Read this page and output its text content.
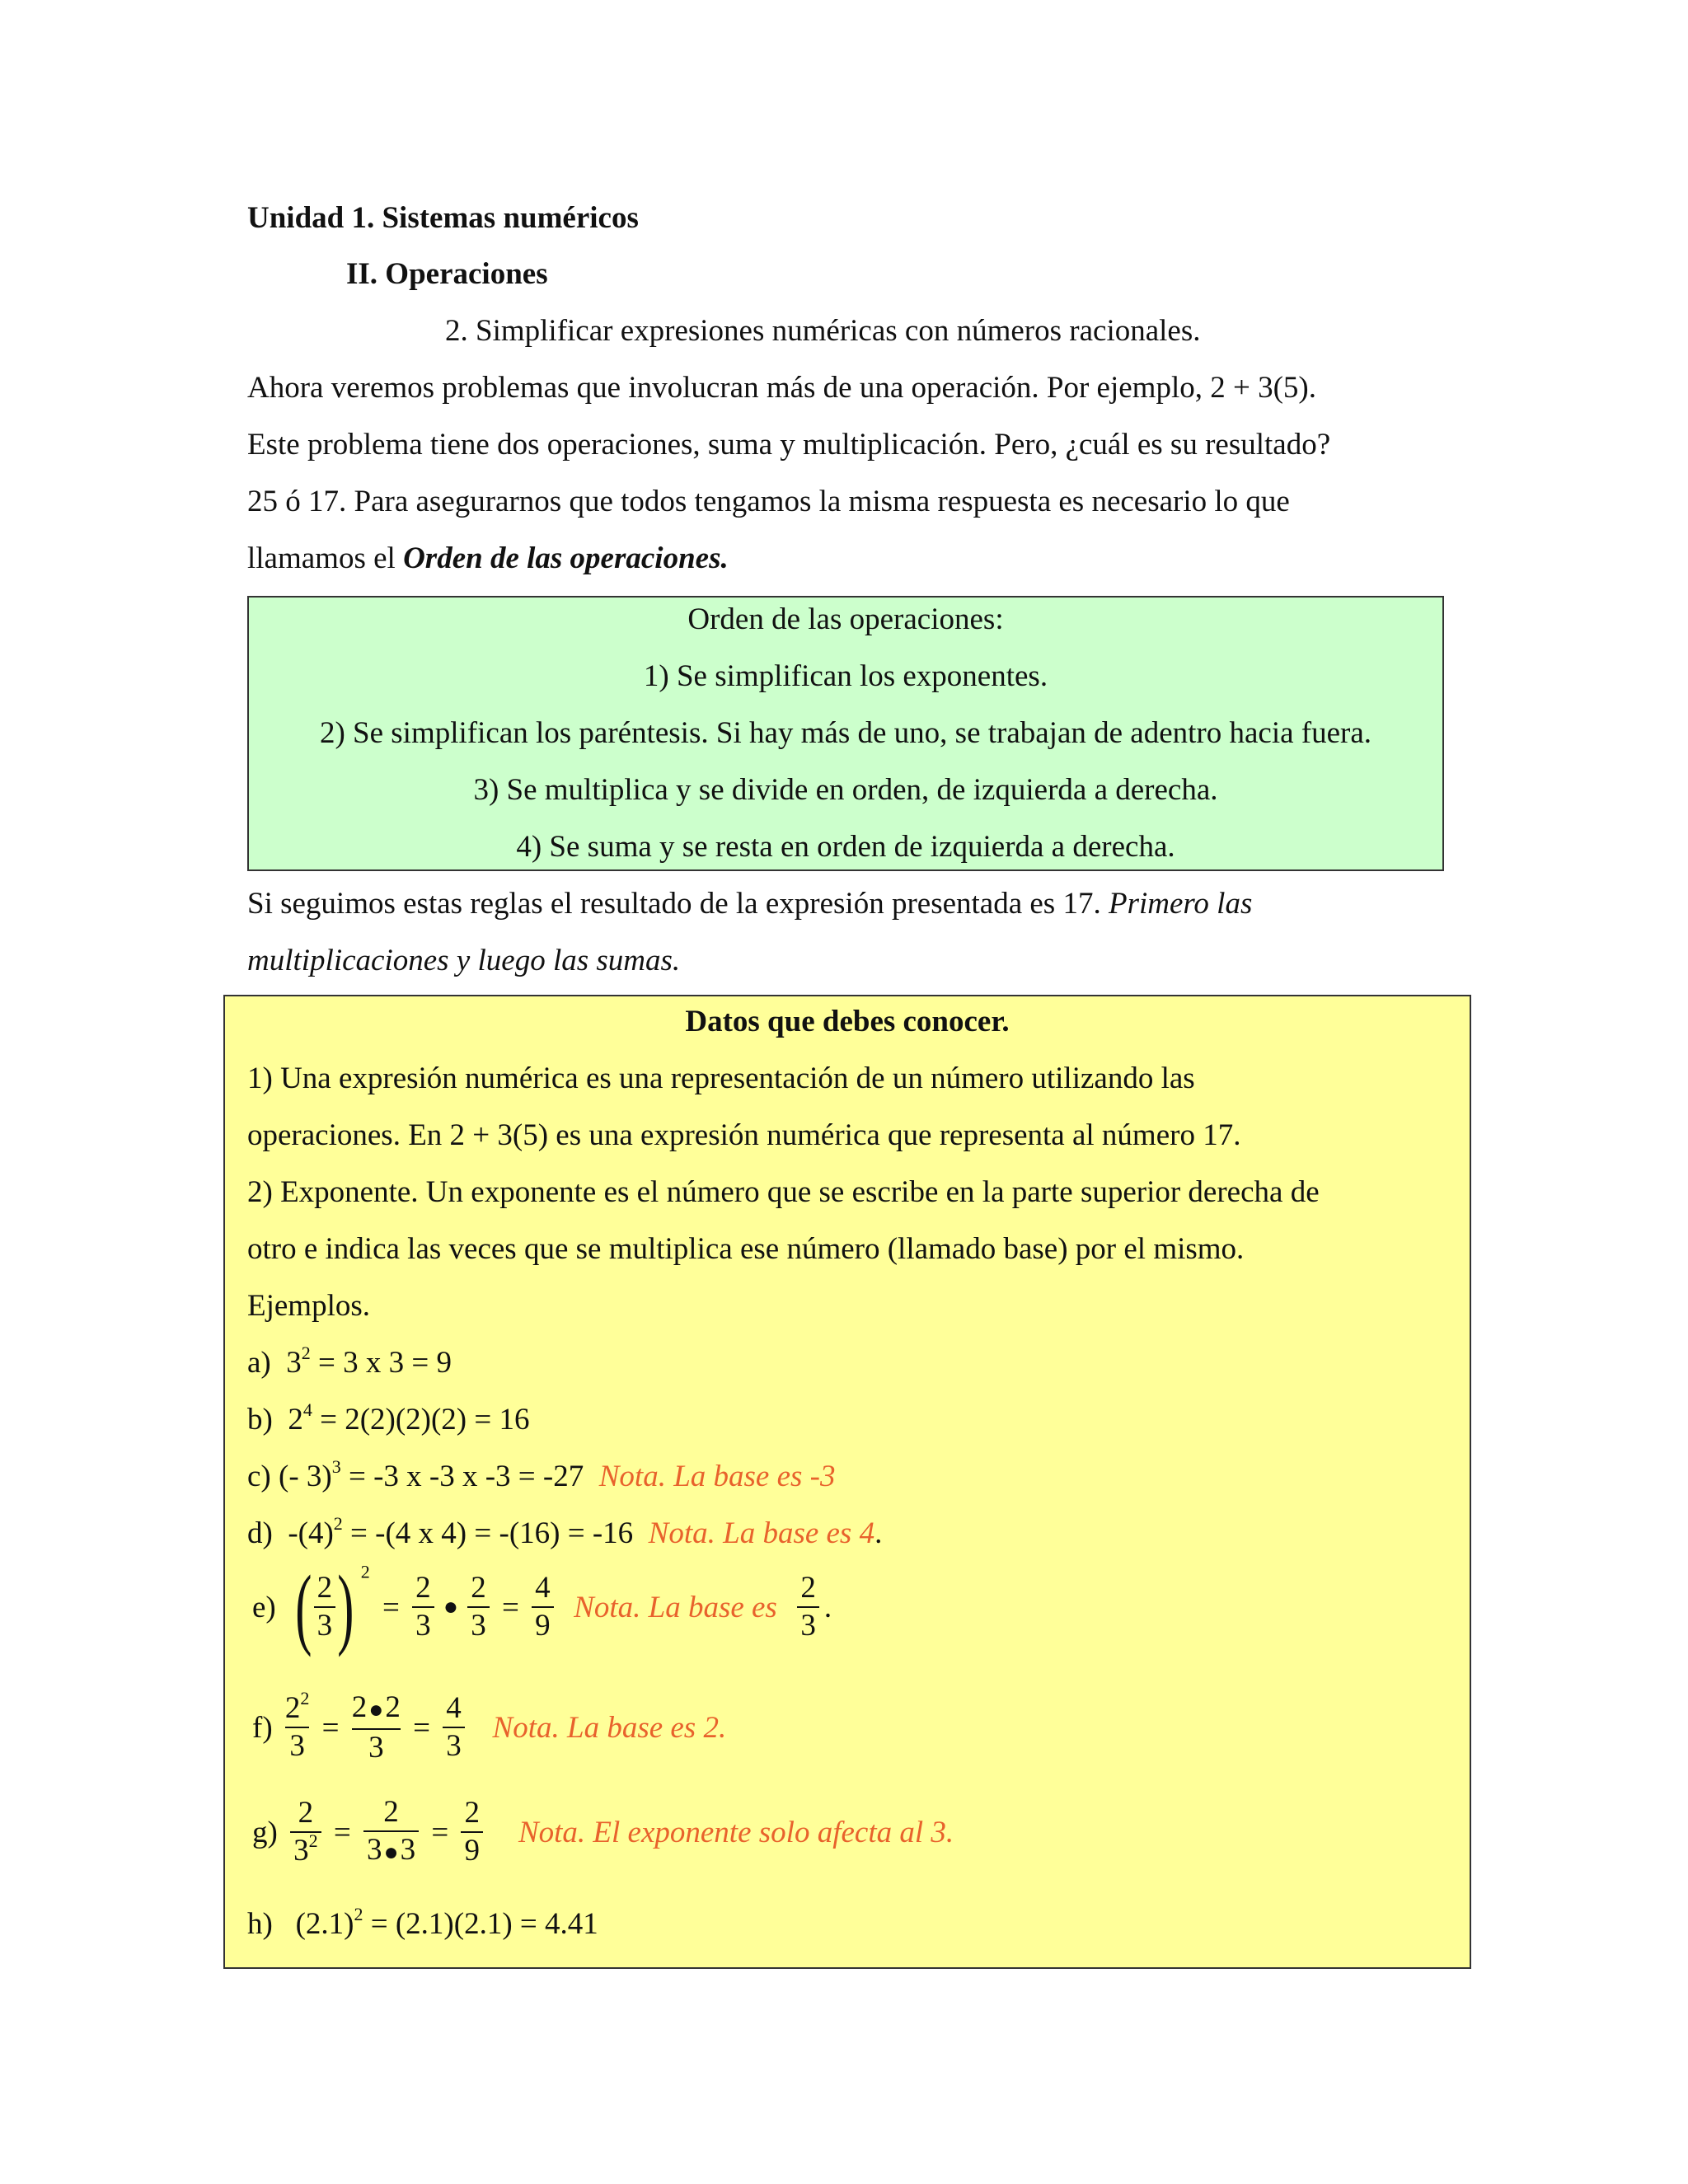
Unidad 1. Sistemas numéricos
II. Operaciones
2. Simplificar expresiones numéricas con números racionales.
Ahora veremos problemas que involucran más de una operación. Por ejemplo, 2 + 3(5).
Este problema tiene dos operaciones, suma y multiplicación. Pero, ¿cuál es su resultado?
25 ó 17. Para asegurarnos que todos tengamos la misma respuesta es necesario lo que
llamamos el Orden de las operaciones.
Orden de las operaciones:
1) Se simplifican los exponentes.
2) Se simplifican los paréntesis. Si hay más de uno, se trabajan de adentro hacia fuera.
3) Se multiplica y se divide en orden, de izquierda a derecha.
4) Se suma y se resta en orden de izquierda a derecha.
Si seguimos estas reglas el resultado de la expresión presentada es 17. Primero las
multiplicaciones y luego las sumas.
Datos que debes conocer.
1) Una expresión numérica es una representación de un número utilizando las
operaciones. En 2 + 3(5) es una expresión numérica que representa al número 17.
2) Exponente. Un exponente es el número que se escribe en la parte superior derecha de
otro e indica las veces que se multiplica ese número (llamado base) por el mismo.
Ejemplos.
a) $3^2 = 3$ x 3 = 9
b) $2^4 = 2(2)(2)(2) = 16$
c) (- 3)$^3$ = -3 x -3 x -3 = -27 Nota. La base es -3
d) $-(4)^2 = -(4$ x 4) = -(16) = -16 Nota. La base es 4.
e) ( $\frac{2}{3}$ ) $^2 = \frac{2}{3}$ ● $\frac{2}{3} = \frac{4}{9}$ Nota. La base es $\frac{2}{3}$ .
$f) \frac{2^2}{3} = \frac{2●2}{3} = \frac{4}{3}$ Nota. La base es 2.
$g) \frac{2}{3^2} = \frac{2}{3●3} = \frac{2}{9}$ Nota. El exponente solo afecta al 3.
h) $(2.1)^2 = (2.1)(2.1) = 4.41$
